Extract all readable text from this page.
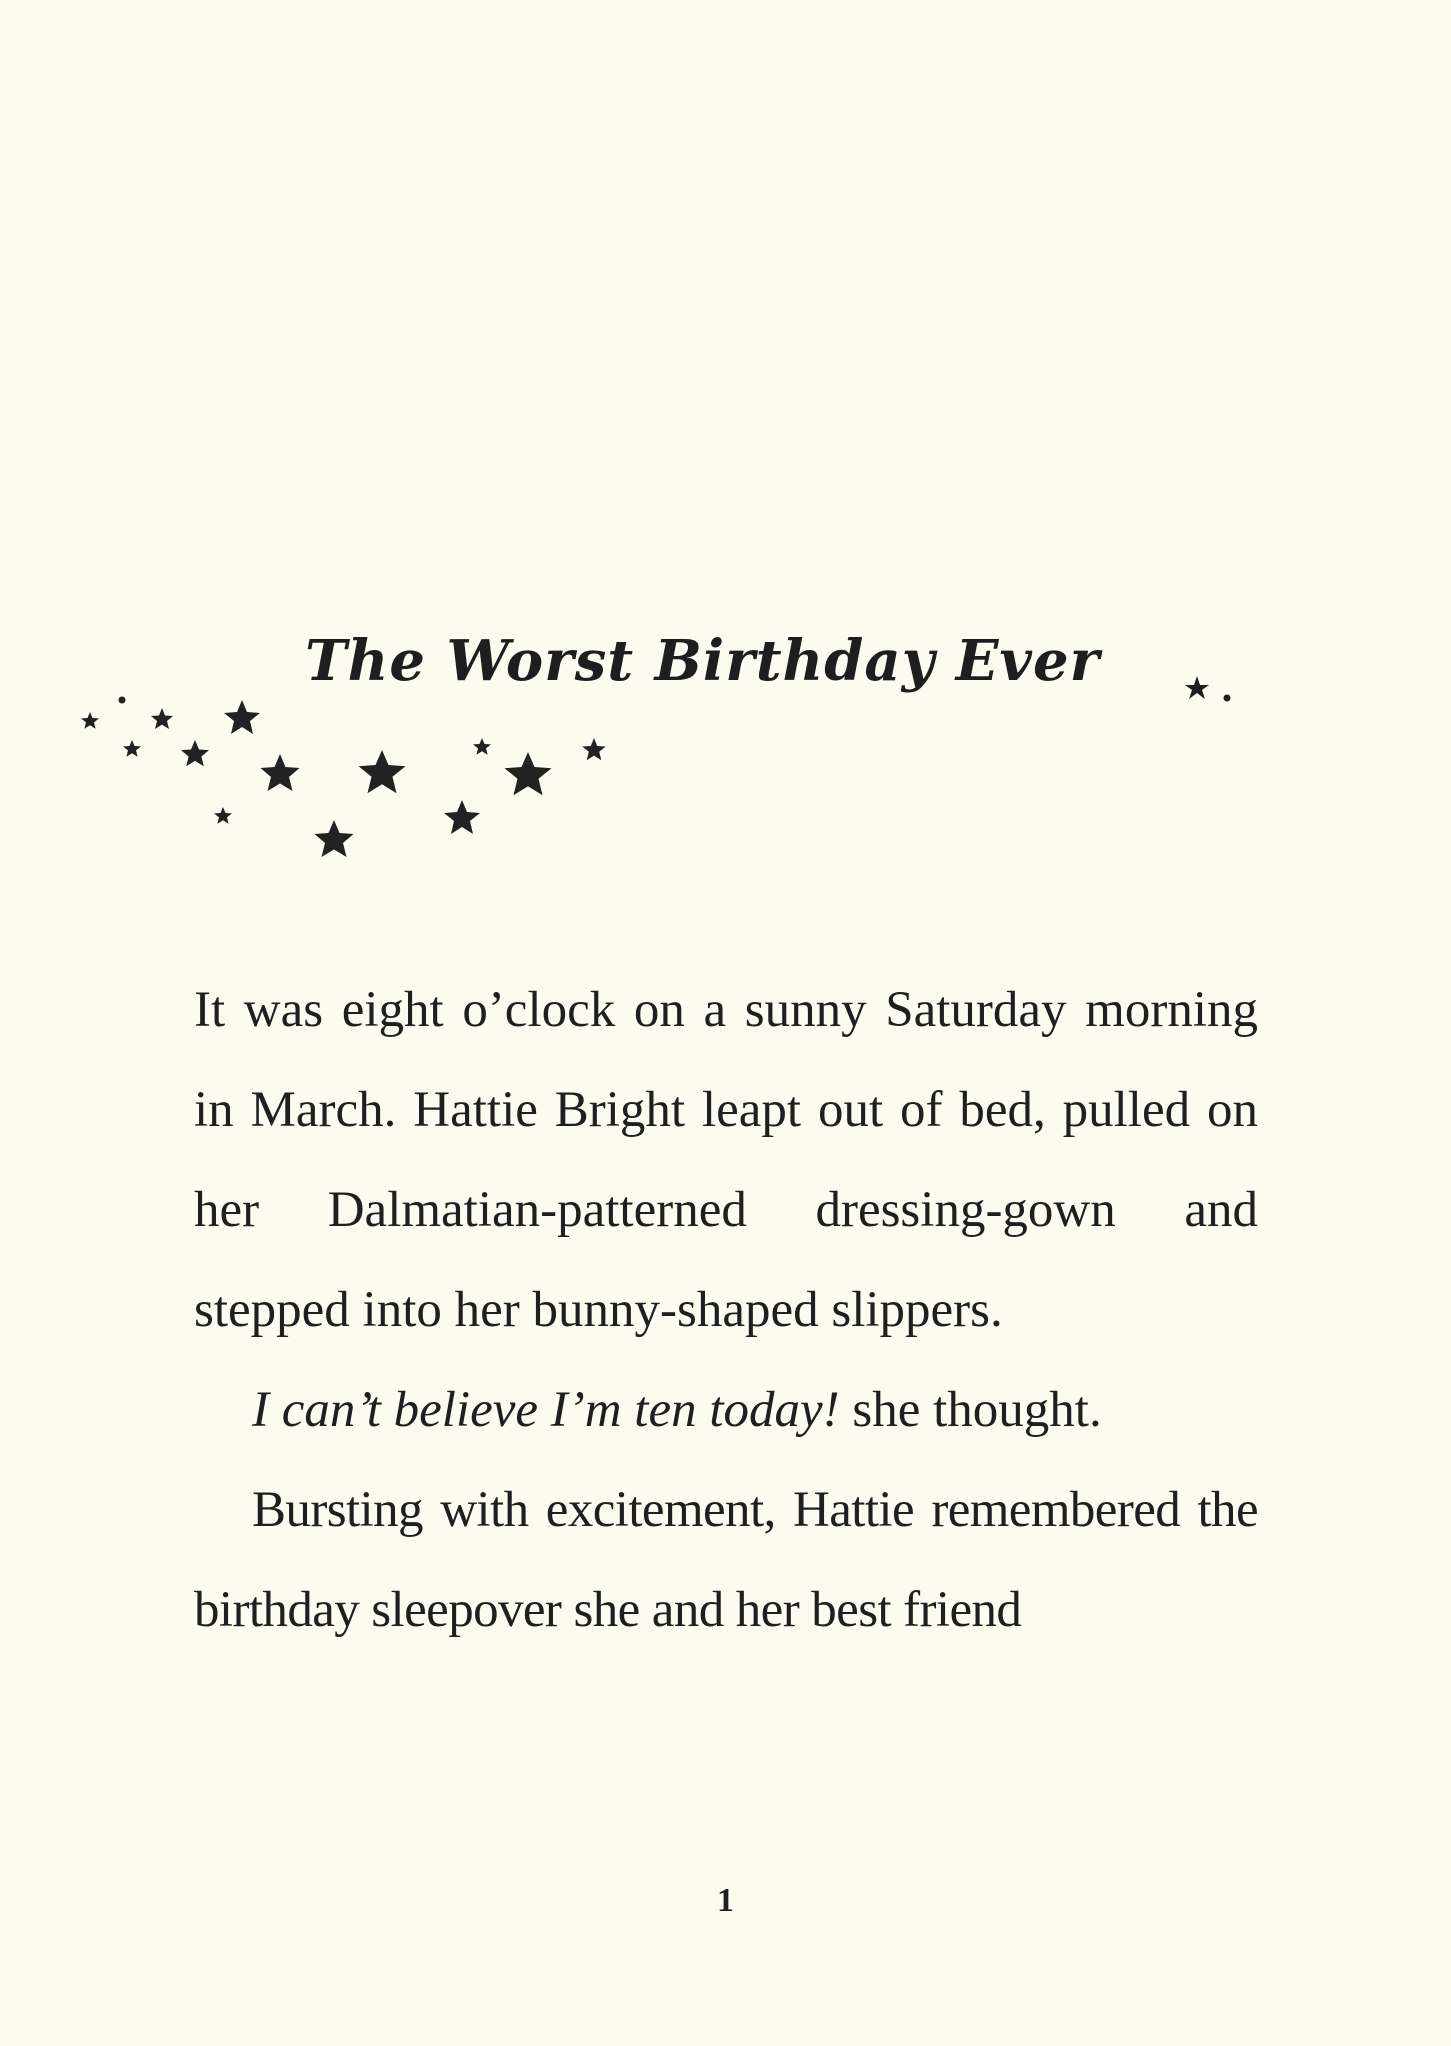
The Worst Birthday Ever

It was eight o’clock on a sunny Saturday morning in March. Hattie Bright leapt out of bed, pulled on her Dalmatian-patterned dressing-gown and stepped into her bunny-shaped slippers.

I can’t believe I’m ten today! she thought.

Bursting with excitement, Hattie remembered the birthday sleepover she and her best friend

1
